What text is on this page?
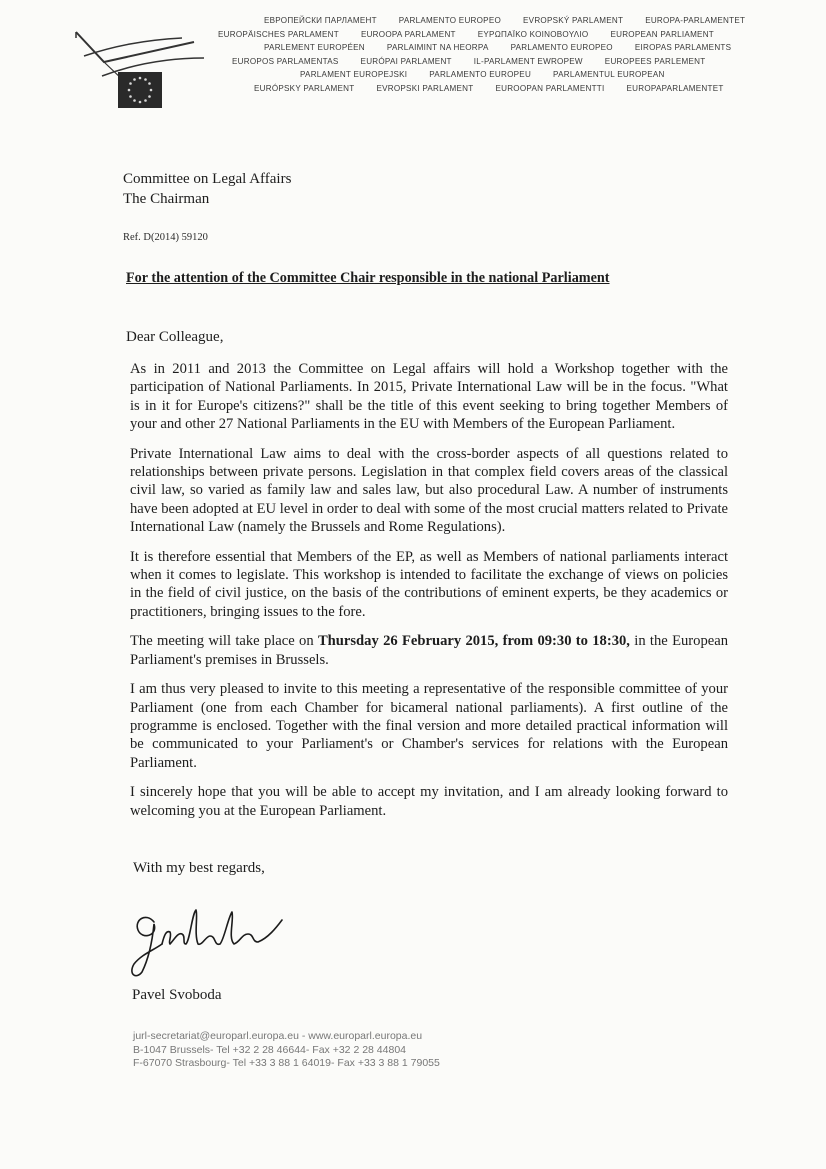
ЕВРОПЕЙСКИ ПАРЛАМЕНТ	PARLAMENTO EUROPEO	EVROPSKÝ PARLAMENT	EUROPA-PARLAMENTET
EUROPÄISCHES PARLAMENT	EUROOPA PARLAMENT	ΕΥΡΩΠΑΪΚΟ ΚΟΙΝΟΒΟΥΛΙΟ	EUROPEAN PARLIAMENT
PARLEMENT EUROPÉEN	PARLAIMINT NA HEORPA	PARLAMENTO EUROPEO	EIROPAS PARLAMENTS
EUROPOS PARLAMENTAS	EURÓPAI PARLAMENT	IL-PARLAMENT EWROPEW	EUROPEES PARLEMENT
PARLAMENT EUROPEJSKI	PARLAMENTO EUROPEU	PARLAMENTUL EUROPEAN
EURÓPSKY PARLAMENT	EVROPSKI PARLAMENT	EUROOPAN PARLAMENTTI	EUROPAPARLAMENTET
Committee on Legal Affairs
The Chairman
Ref. D(2014) 59120
For the attention of the Committee Chair responsible in the national Parliament
Dear Colleague,

As in 2011 and 2013 the Committee on Legal affairs will hold a Workshop together with the participation of National Parliaments. In 2015, Private International Law will be in the focus. "What is in it for Europe's citizens?" shall be the title of this event seeking to bring together Members of your and other 27 National Parliaments in the EU with Members of the European Parliament.

Private International Law aims to deal with the cross-border aspects of all questions related to relationships between private persons. Legislation in that complex field covers areas of the classical civil law, so varied as family law and sales law, but also procedural Law. A number of instruments have been adopted at EU level in order to deal with some of the most crucial matters related to Private International Law (namely the Brussels and Rome Regulations).

It is therefore essential that Members of the EP, as well as Members of national parliaments interact when it comes to legislate. This workshop is intended to facilitate the exchange of views on policies in the field of civil justice, on the basis of the contributions of eminent experts, be they academics or practitioners, bringing issues to the fore.

The meeting will take place on Thursday 26 February 2015, from 09:30 to 18:30, in the European Parliament's premises in Brussels.

I am thus very pleased to invite to this meeting a representative of the responsible committee of your Parliament (one from each Chamber for bicameral national parliaments). A first outline of the programme is enclosed. Together with the final version and more detailed practical information will be communicated to your Parliament's or Chamber's services for relations with the European Parliament.

I sincerely hope that you will be able to accept my invitation, and I am already looking forward to welcoming you at the European Parliament.

With my best regards,
Pavel Svoboda
jurl-secretariat@europarl.europa.eu - www.europarl.europa.eu
B-1047 Brussels- Tel +32 2 28 46644- Fax +32 2 28 44804
F-67070 Strasbourg- Tel +33 3 88 1 64019- Fax +33 3 88 1 79055
